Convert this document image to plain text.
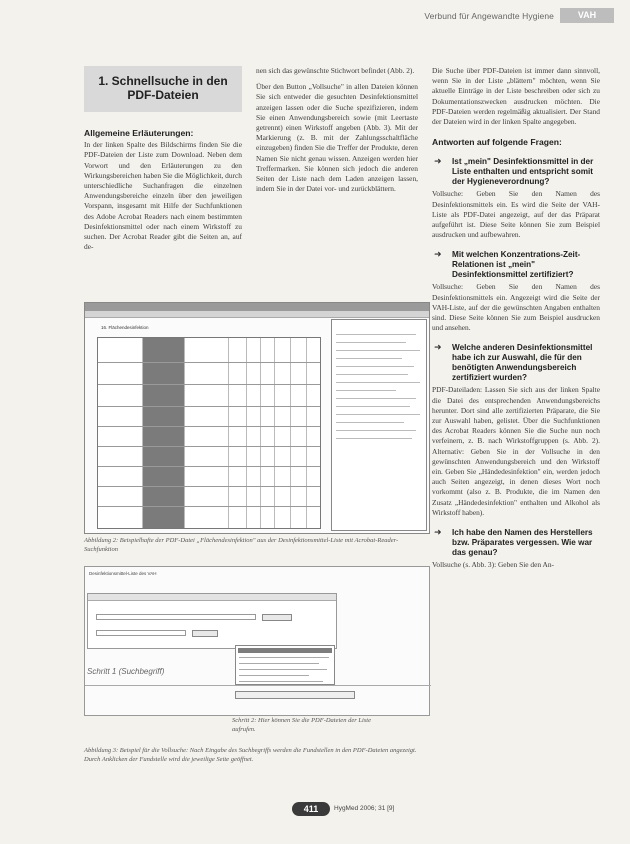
Verbund für Angewandte Hygiene	VAH
1. Schnellsuche in den PDF-Dateien
Allgemeine Erläuterungen:

In der linken Spalte des Bildschirms finden Sie die PDF-Dateien der Liste zum Download. Neben dem Vorwort und den Erläuterungen zu den Wirkungsbereichen haben Sie die Möglichkeit, durch unterschiedliche Suchanfragen die einzelnen Anwendungsbereiche einzeln über den jeweiligen Vorspann, insgesamt mit Hilfe der Suchfunktionen des Adobe Acrobat Readers nach einem bestimmten Desinfektionsmittel oder nach einem Wirkstoff zu suchen. Der Acrobat Reader gibt die Seiten an, auf de-

nen sich das gewünschte Stichwort befindet (Abb. 2).

Über den Button „Vollsuche" in allen Dateien können Sie sich entweder die gesuchten Desinfektionsmittel anzeigen lassen oder die Suche spezifizieren, indem Sie einen Anwendungsbereich sowie (mit Leertaste getrennt) einen Wirkstoff angeben (Abb. 3). Mit der Markierung (z. B. mit der Zahlungsschaltfläche einzugeben) finden Sie die Treffer der Produkte, deren Namen Sie nicht genau wissen. Anzeigen werden hier Treffermarken. Sie können sich jedoch die anderen Seiten der Liste nach dem Laden anzeigen lassen, indem Sie in der Datei vor- und zurückblättern.

Die Suche über PDF-Dateien ist immer dann sinnvoll, wenn Sie in der Liste „blättern" möchten, wenn Sie aktuelle Einträge in der Liste beschreiben oder sich zu Dokumentationszwecken ausdrucken möchten. Die PDF-Dateien werden regelmäßig aktualisiert. Der Stand der Dateien wird in der linken Spalte angegeben.

Antworten auf folgende Fragen:
➜ Ist „mein" Desinfektionsmittel in der Liste enthalten und entspricht somit der Hygieneverordnung?
Vollsuche: Geben Sie den Namen des Desinfektionsmittels ein. Es wird die Seite der VAH-Liste als PDF-Datei angezeigt, auf der das Präparat aufgeführt ist. Diese Seite können Sie zum Beispiel ausdrucken und aufbewahren.
➜ Mit welchen Konzentrations-Zeit-Relationen ist „mein" Desinfektionsmittel zertifiziert?
Vollsuche: Geben Sie den Namen des Desinfektionsmittels ein. Angezeigt wird die Seite der VAH-Liste, auf der die gewünschten Angaben enthalten sind. Diese Seite können Sie zum Beispiel ausdrucken und ansehen.
➜ Welche anderen Desinfektionsmittel habe ich zur Auswahl, die für den benötigten Anwendungsbereich zertifiziert wurden?
PDF-Dateiladen: Lassen Sie sich aus der linken Spalte die Datei des entsprechenden Anwendungsbereichs herunter. Dort sind alle zertifizierten Präparate, die Sie zur Auswahl haben, gelistet. Über die Suchfunktionen des Acrobat Readers können Sie die Suche nun noch verfeinern, z. B. nach Wirkstoffgruppen (s. Abb. 2). Alternativ: Geben Sie in der Vollsuche in den gewünschten Anwendungsbereich und den Wirkstoff ein. Geben Sie „Händedesinfektion" ein, werden jedoch auch Seiten angezeigt, in denen dieses Wort noch vorkommt (also z. B. Produkte, die im Namen den Zusatz „Händedesinfektion" enthalten und Alkohol als Wirkstoff haben).
➜ Ich habe den Namen des Herstellers bzw. Präparates vergessen. Wie war das genau?
Vollsuche (s. Abb. 3): Geben Sie den An-
16. Flächendesinfektion
Abbildung 2: Beispielhafte der PDF-Datei „Flächendesinfektion" aus der Desinfektionsmittel-Liste mit Acrobat-Reader-Suchfunktion
Desinfektionsmittel-Liste des VAH
Schritt 1 (Suchbegriff)
Schritt 2: Hier können Sie die PDF-Dateien der Liste aufrufen.
Abbildung 3: Beispiel für die Vollsuche: Nach Eingabe des Suchbegriffs werden die Fundstellen in den PDF-Dateien angezeigt. Durch Anklicken der Fundstelle wird die jeweilige Seite geöffnet.
411	HygMed 2006; 31 [9]
